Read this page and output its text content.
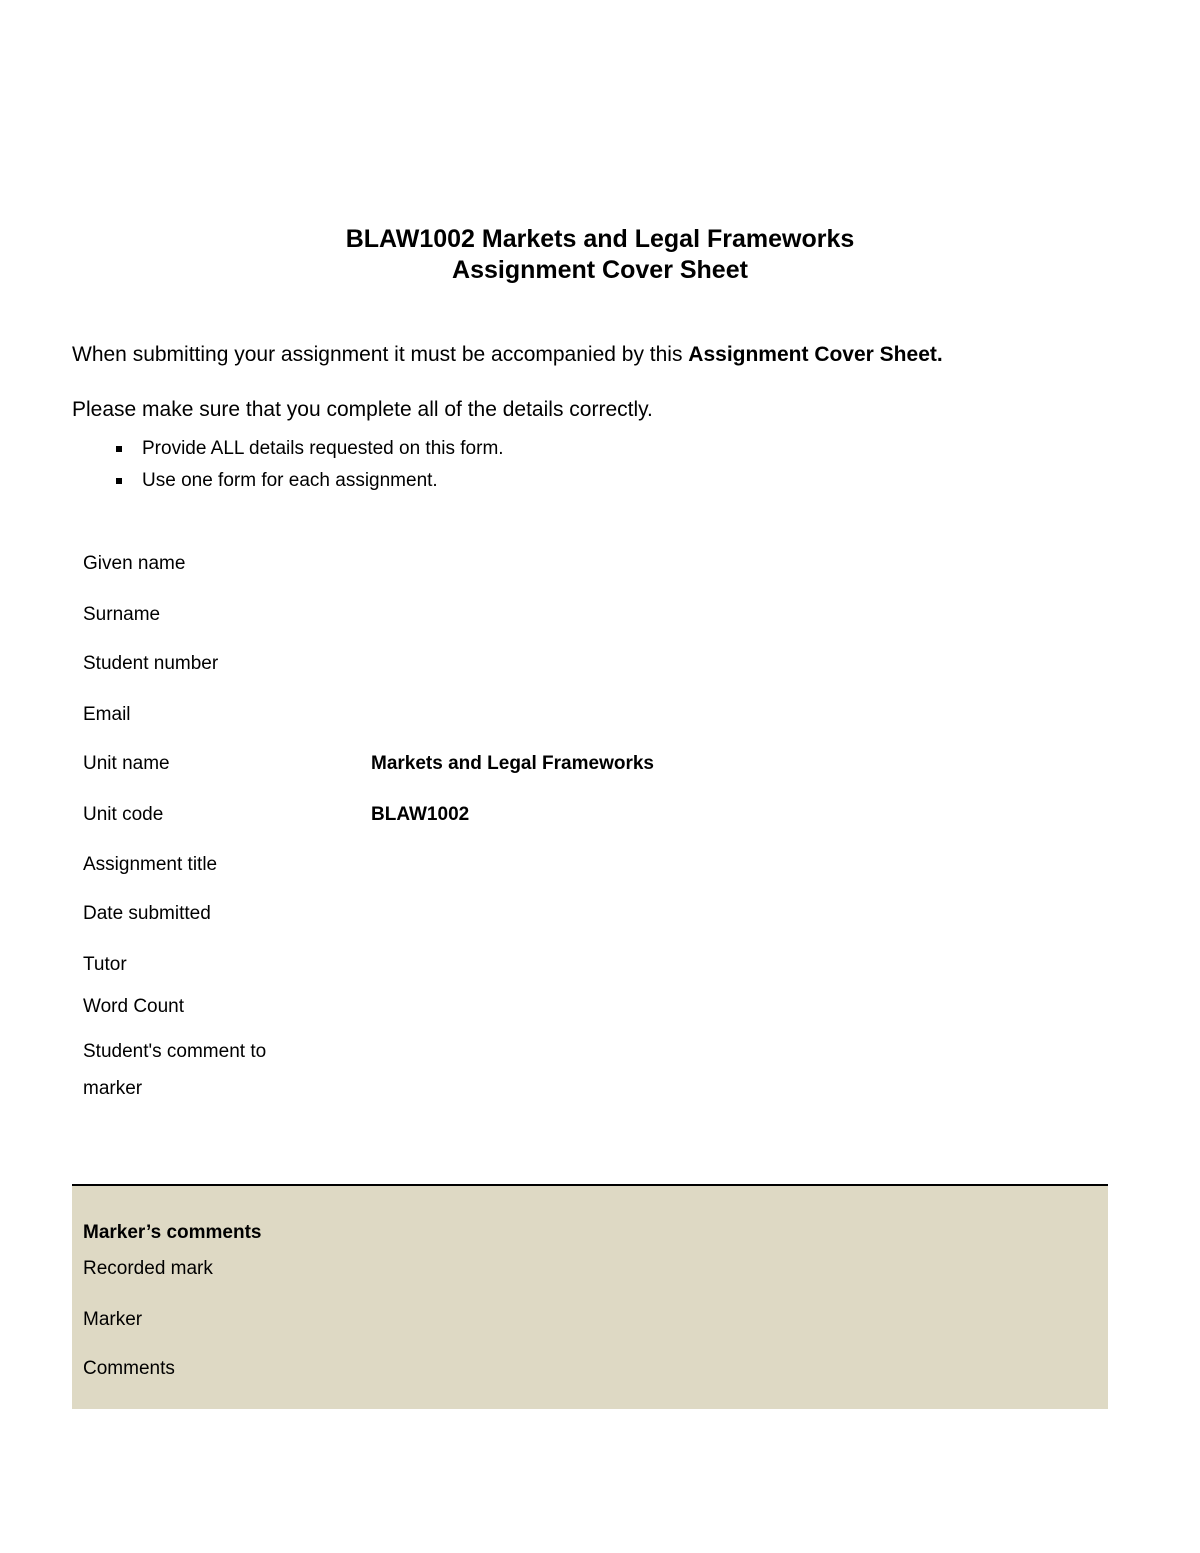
BLAW1002 Markets and Legal Frameworks
Assignment Cover Sheet
When submitting your assignment it must be accompanied by this Assignment Cover Sheet.
Please make sure that you complete all of the details correctly.
Provide ALL details requested on this form.
Use one form for each assignment.
Given name
Surname
Student number
Email
Unit name	Markets and Legal Frameworks
Unit code	BLAW1002
Assignment title
Date submitted
Tutor
Word Count
Student's comment to marker
Marker’s comments
Recorded mark
Marker
Comments
